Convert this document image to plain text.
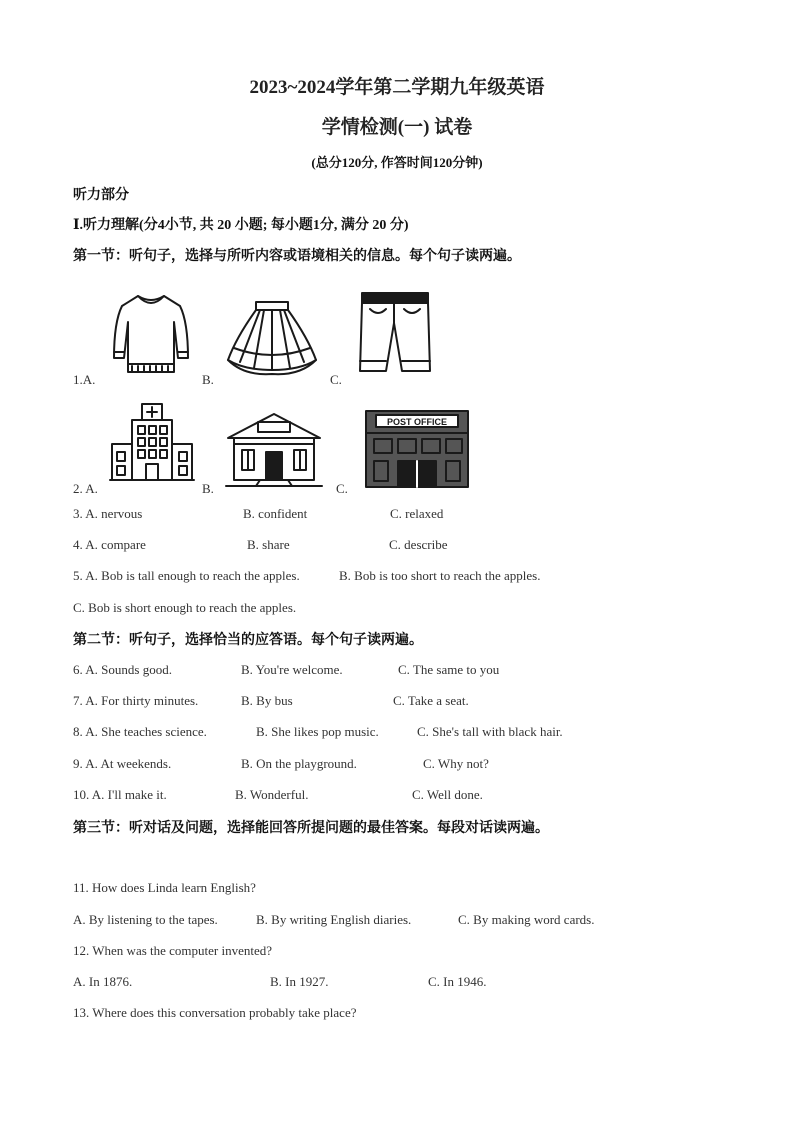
2023~2024学年第二学期九年级英语
学情检测(一) 试卷
(总分120分, 作答时间120分钟)
听力部分
Ⅰ.听力理解(分4小节, 共 20 小题; 每小题1分, 满分 20 分)
第一节：听句子，选择与所听内容或语境相关的信息。每个句子读两遍。
1.A.	B.	C.
2. A.	B.	C.
POST OFFICE
3. A. nervous	B. confident	C. relaxed
4. A. compare	B. share	C. describe
5. A. Bob is tall enough to reach the apples.	B. Bob is too short to reach the apples.
C. Bob is short enough to reach the apples.
第二节：听句子，选择恰当的应答语。每个句子读两遍。
6. A. Sounds good.	B. You're welcome.	C. The same to you
7. A. For thirty minutes.	B. By bus	C. Take a seat.
8. A. She teaches science.	B. She likes pop music.	C. She's tall with black hair.
9. A. At weekends.	B. On the playground.	C. Why not?
10. A. I'll make it.	B. Wonderful.	C. Well done.
第三节：听对话及问题，选择能回答所提问题的最佳答案。每段对话读两遍。
11. How does Linda learn English?
A. By listening to the tapes.	B. By writing English diaries.	C. By making word cards.
12. When was the computer invented?
A. In 1876.	B. In 1927.	C. In 1946.
13. Where does this conversation probably take place?
